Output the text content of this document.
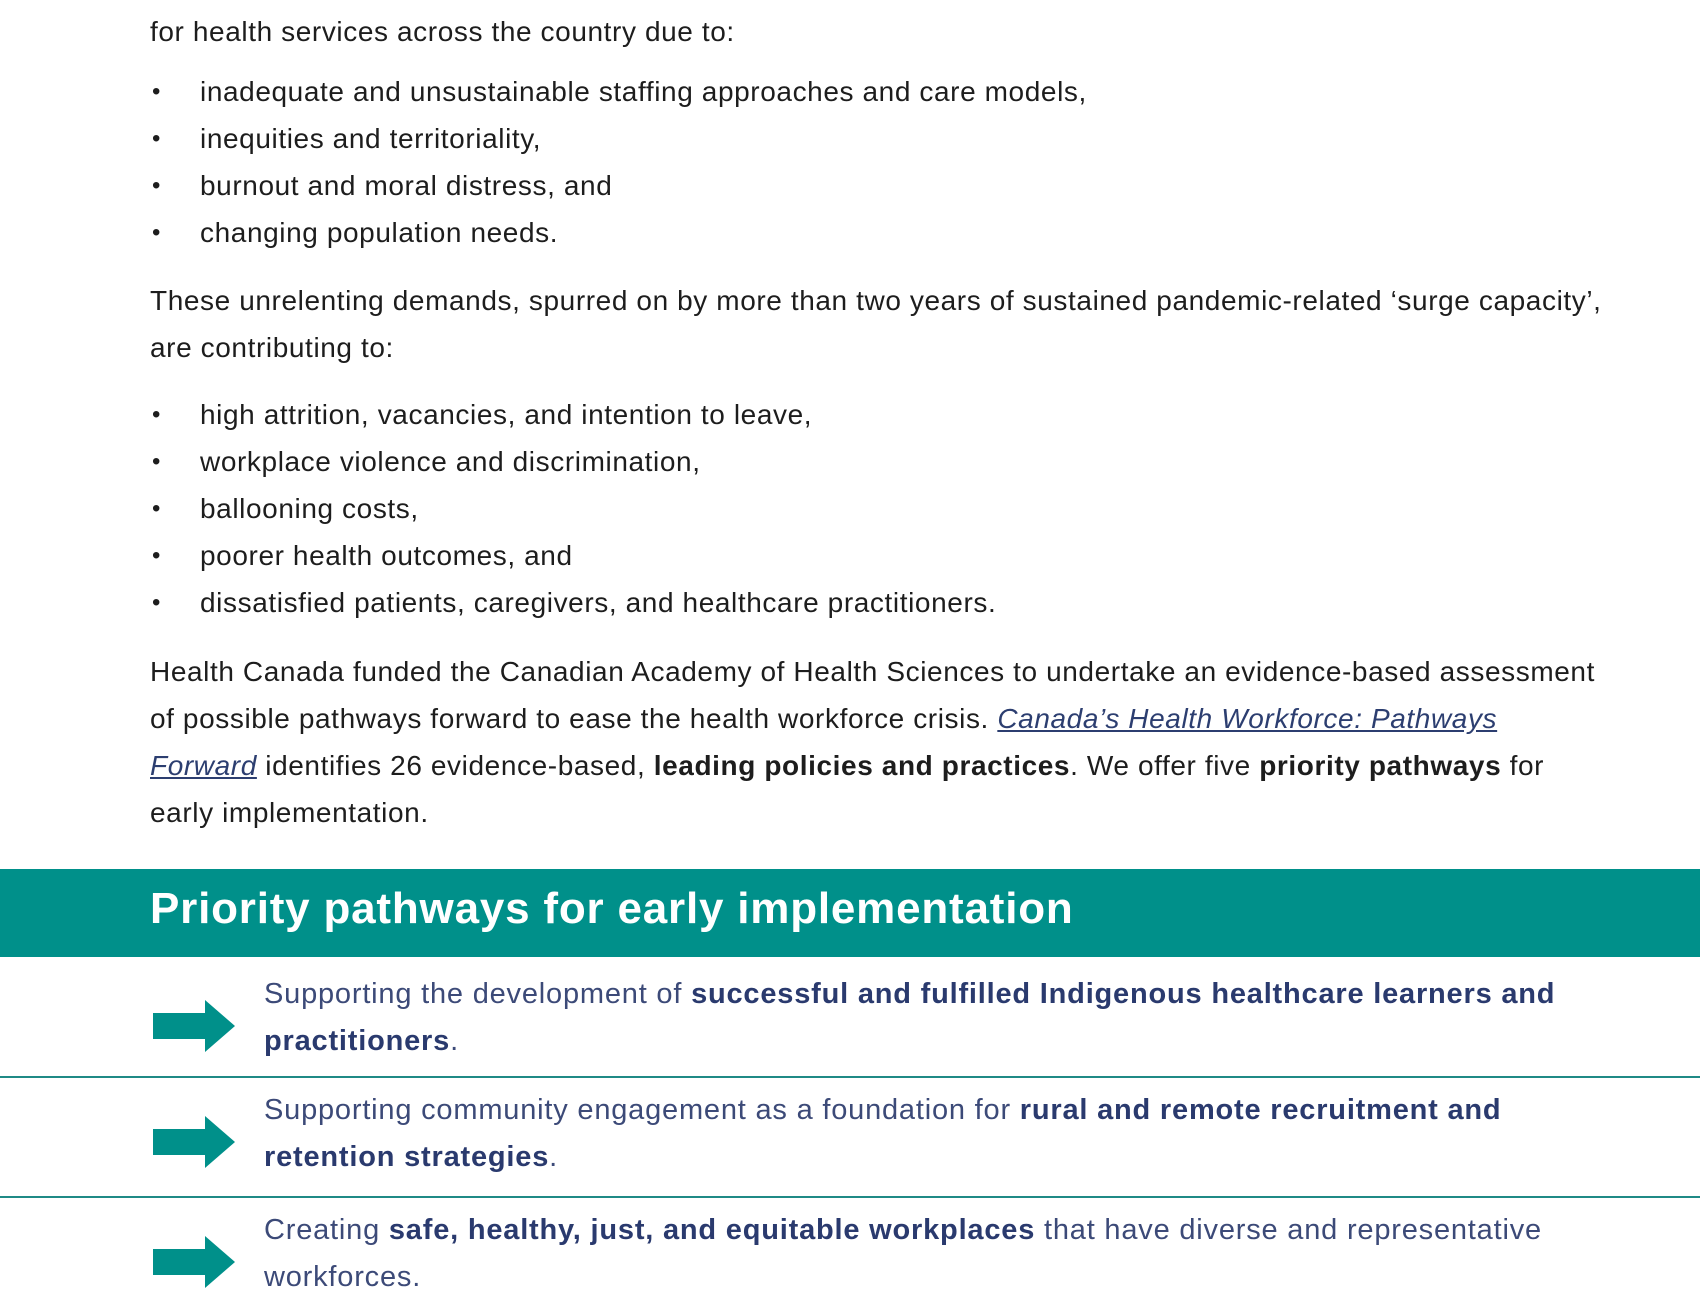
for health services across the country due to:

• inadequate and unsustainable staffing approaches and care models,
• inequities and territoriality,
• burnout and moral distress, and
• changing population needs.

These unrelenting demands, spurred on by more than two years of sustained pandemic-related ‘surge capacity’, are contributing to:

• high attrition, vacancies, and intention to leave,
• workplace violence and discrimination,
• ballooning costs,
• poorer health outcomes, and
• dissatisfied patients, caregivers, and healthcare practitioners.

Health Canada funded the Canadian Academy of Health Sciences to undertake an evidence-based assessment of possible pathways forward to ease the health workforce crisis. Canada’s Health Workforce: Pathways Forward identifies 26 evidence-based, leading policies and practices. We offer five priority pathways for early implementation.

Priority pathways for early implementation

Supporting the development of successful and fulfilled Indigenous healthcare learners and practitioners.

Supporting community engagement as a foundation for rural and remote recruitment and retention strategies.

Creating safe, healthy, just, and equitable workplaces that have diverse and representative workforces.
